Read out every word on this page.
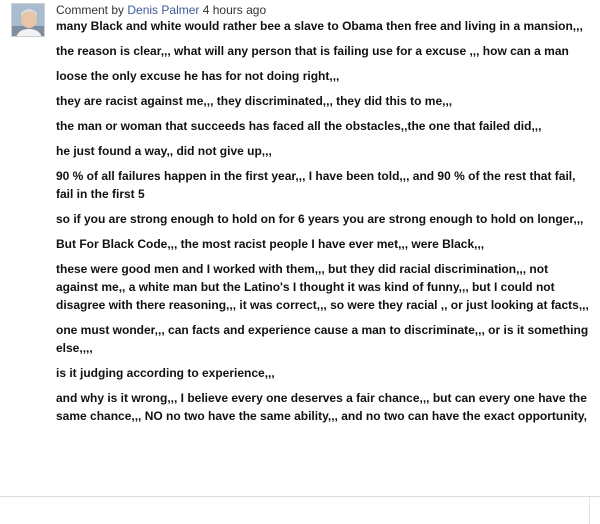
Comment by Denis Palmer 4 hours ago

many Black and white would rather bee a slave to Obama then free and living in a mansion,,,

the reason is clear,,, what will any person that is failing use for a excuse ,,, how can a man

loose the only excuse he has for not doing right,,,

they are racist against me,,, they discriminated,,, they did this to me,,,

the man or woman that succeeds has faced all the obstacles,,the one that failed did,,,

he just found a way,, did not give up,,,

90 % of all failures happen in the first year,,, I have been told,,, and 90 % of the rest that fail, fail in the first 5

so if you are strong enough to hold on for 6 years you are strong enough to hold on longer,,,

But For Black Code,,, the most racist people I have ever met,,, were Black,,,

these were good men and I worked with them,,, but they did racial discrimination,,, not against me,, a white man but the Latino's I thought it was kind of funny,,, but I could not disagree with there reasoning,,, it was correct,,, so were they racial ,, or just looking at facts,,,

one must wonder,,, can facts and experience cause a man to discriminate,,, or is it something else,,,,

is it judging according to experience,,,

and why is it wrong,,, I believe every one deserves a fair chance,,, but can every one have the same chance,,, NO no two have the same ability,,, and no two can have the exact opportunity,
